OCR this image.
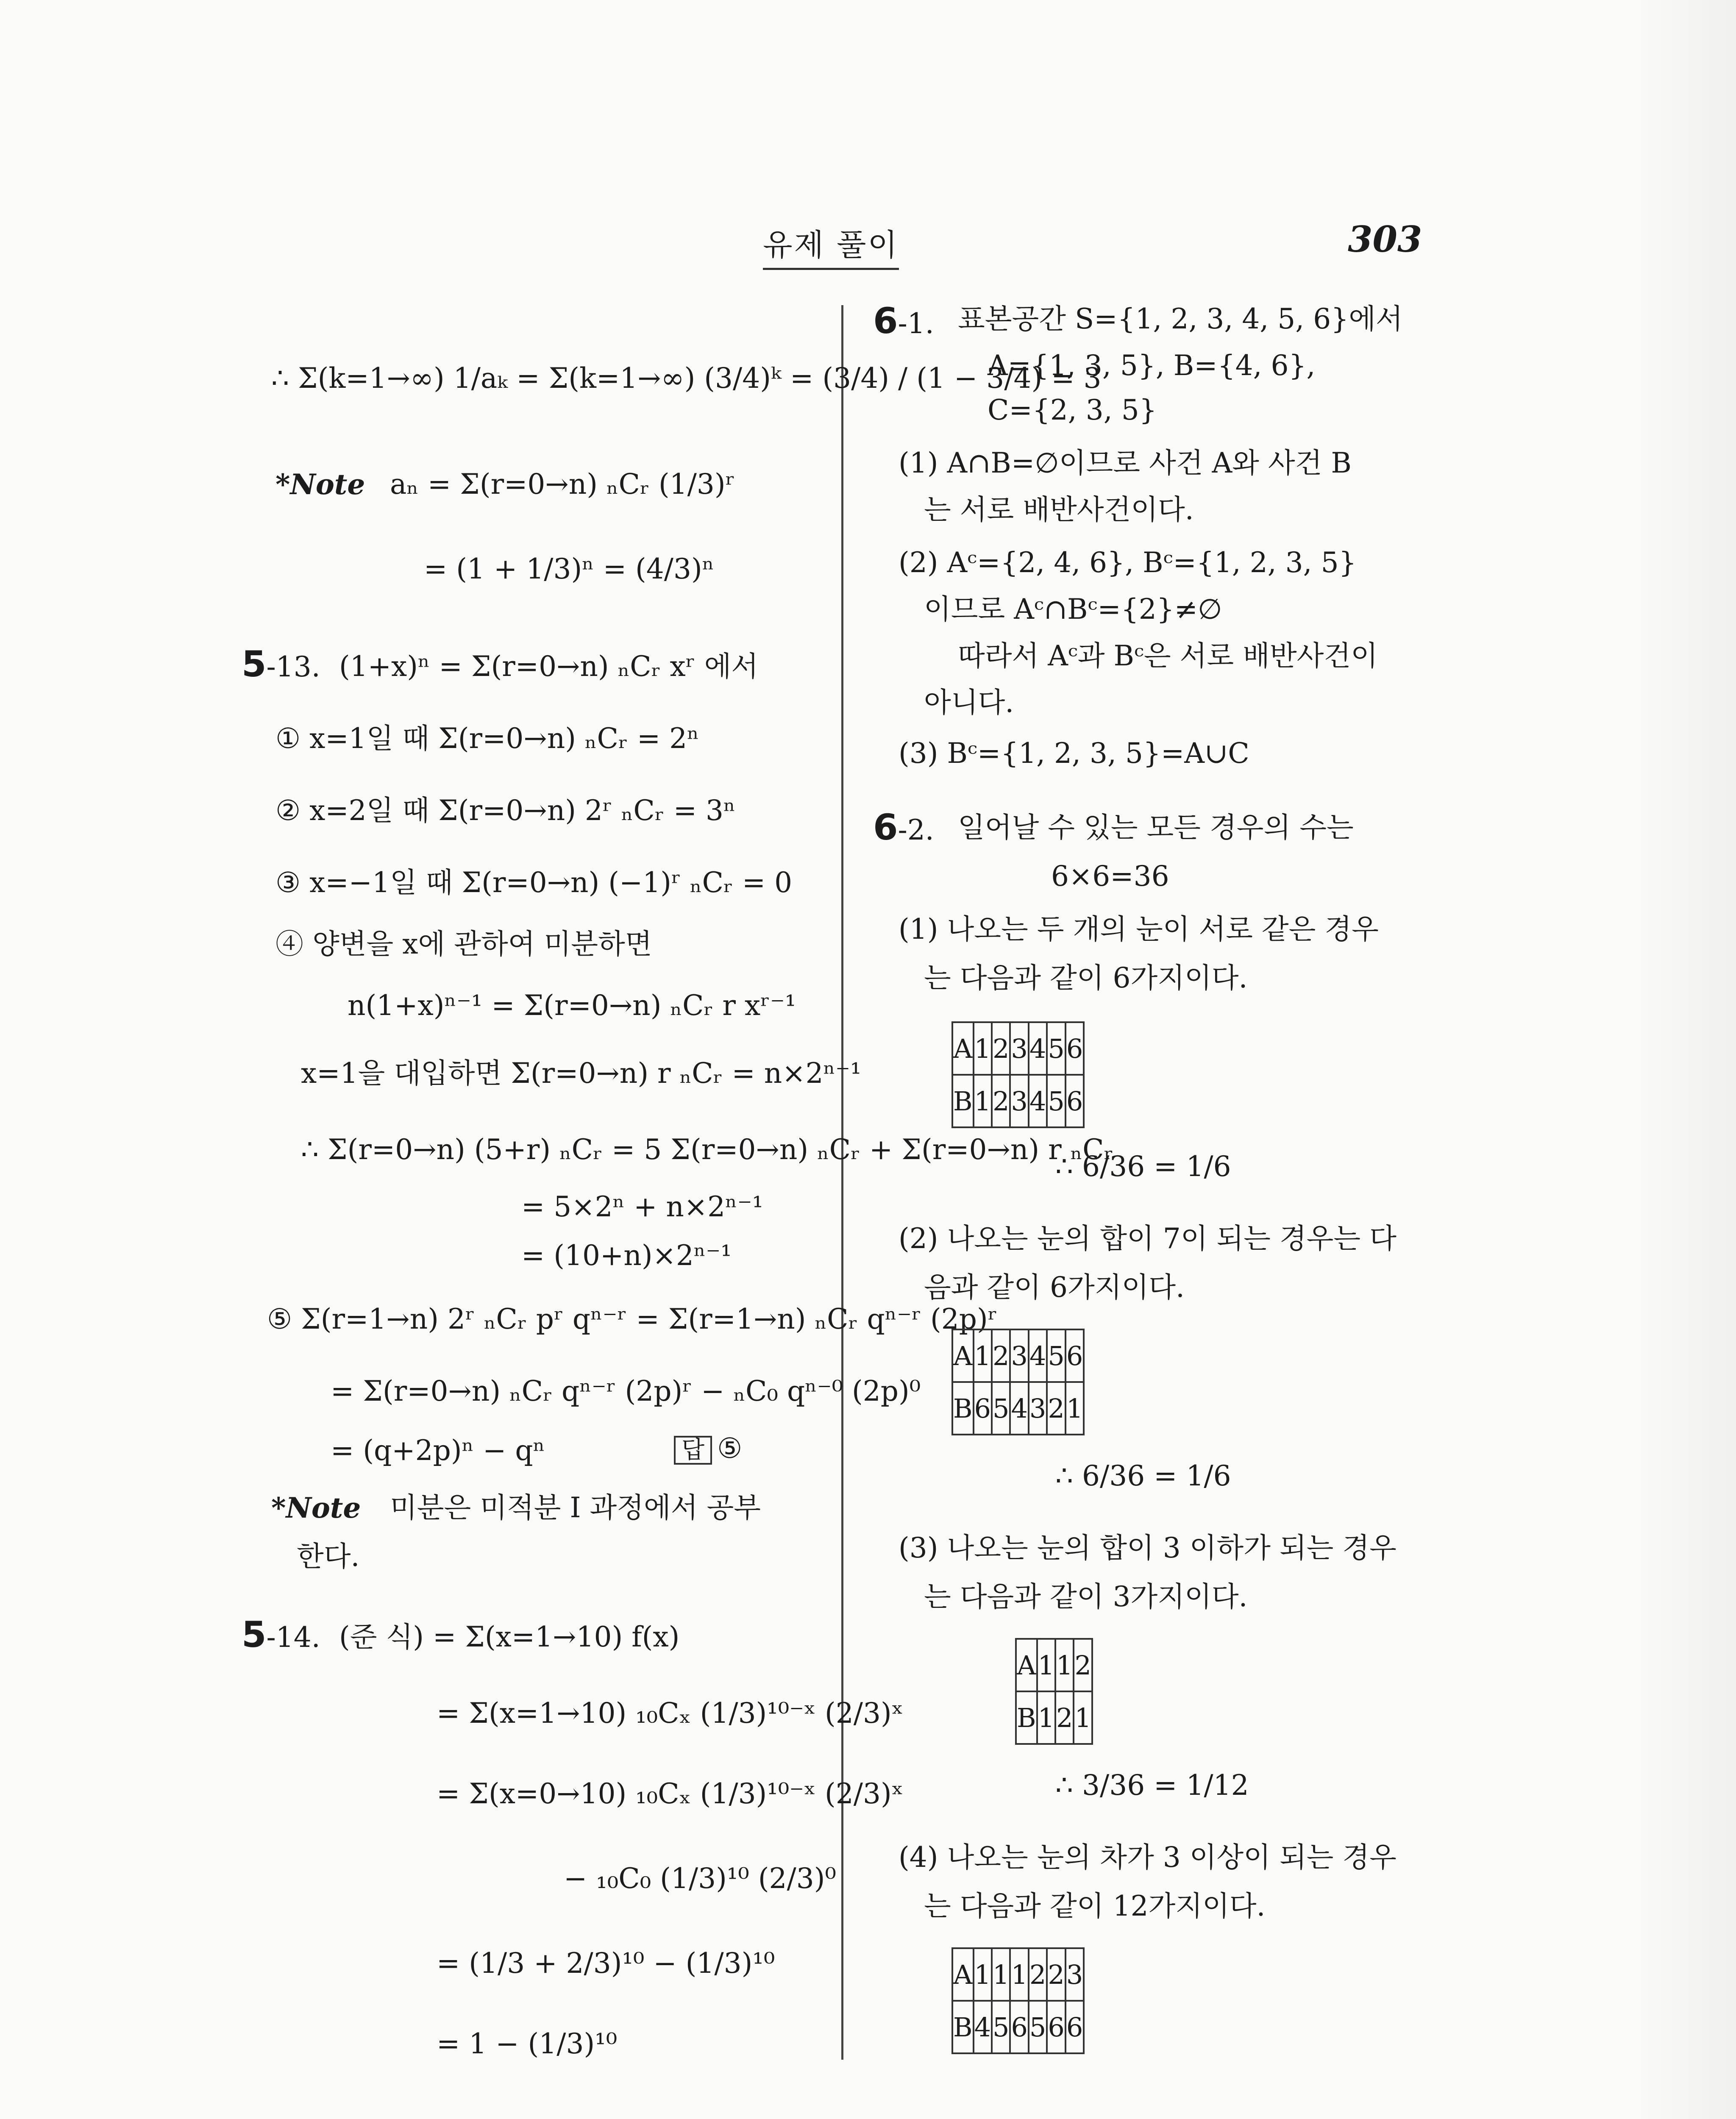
유제 풀이	303
∴ Σ(k=1→∞) 1/aₖ = Σ(k=1→∞) (3/4)ᵏ = (3/4) / (1 − 3/4) = 3
*Note aₙ = Σ(r=0→n) ₙCᵣ (1/3)ʳ
= (1 + 1/3)ⁿ = (4/3)ⁿ
5-13. (1+x)ⁿ = Σ(r=0→n) ₙCᵣ xʳ 에서
① x=1일 때 Σ(r=0→n) ₙCᵣ = 2ⁿ
② x=2일 때 Σ(r=0→n) 2ʳ ₙCᵣ = 3ⁿ
③ x=−1일 때 Σ(r=0→n) (−1)ʳ ₙCᵣ = 0
④ 양변을 x에 관하여 미분하면
n(1+x)ⁿ⁻¹ = Σ(r=0→n) ₙCᵣ r xʳ⁻¹
x=1을 대입하면 Σ(r=0→n) r ₙCᵣ = n×2ⁿ⁻¹
∴ Σ(r=0→n) (5+r) ₙCᵣ = 5 Σ(r=0→n) ₙCᵣ + Σ(r=0→n) r ₙCᵣ
= 5×2ⁿ + n×2ⁿ⁻¹
= (10+n)×2ⁿ⁻¹
⑤ Σ(r=1→n) 2ʳ ₙCᵣ pʳ qⁿ⁻ʳ = Σ(r=1→n) ₙCᵣ qⁿ⁻ʳ (2p)ʳ
= Σ(r=0→n) ₙCᵣ qⁿ⁻ʳ (2p)ʳ − ₙC₀ qⁿ⁻⁰ (2p)⁰
= (q+2p)ⁿ − qⁿ	답 ⑤
*Note 미분은 미적분 Ⅰ 과정에서 공부
한다.
5-14. (준 식) = Σ(x=1→10) f(x)
= Σ(x=1→10) ₁₀Cₓ (1/3)¹⁰⁻ˣ (2/3)ˣ
= Σ(x=0→10) ₁₀Cₓ (1/3)¹⁰⁻ˣ (2/3)ˣ
− ₁₀C₀ (1/3)¹⁰ (2/3)⁰
= (1/3 + 2/3)¹⁰ − (1/3)¹⁰
= 1 − (1/3)¹⁰
6-1. 표본공간 S={1, 2, 3, 4, 5, 6}에서
A={1, 3, 5}, B={4, 6},
C={2, 3, 5}
(1) A∩B=∅이므로 사건 A와 사건 B
는 서로 배반사건이다.
(2) Aᶜ={2, 4, 6}, Bᶜ={1, 2, 3, 5}
이므로 Aᶜ∩Bᶜ={2}≠∅
따라서 Aᶜ과 Bᶜ은 서로 배반사건이
아니다.
(3) Bᶜ={1, 2, 3, 5}=A∪C
6-2. 일어날 수 있는 모든 경우의 수는
6×6=36
(1) 나오는 두 개의 눈이 서로 같은 경우
는 다음과 같이 6가지이다.
A	1	2	3	4	5	6
B	1	2	3	4	5	6
∴ 6/36 = 1/6
(2) 나오는 눈의 합이 7이 되는 경우는 다
음과 같이 6가지이다.
A	1	2	3	4	5	6
B	6	5	4	3	2	1
∴ 6/36 = 1/6
(3) 나오는 눈의 합이 3 이하가 되는 경우
는 다음과 같이 3가지이다.
A	1	1	2
B	1	2	1
∴ 3/36 = 1/12
(4) 나오는 눈의 차가 3 이상이 되는 경우
는 다음과 같이 12가지이다.
A	1	1	1	2	2	3
B	4	5	6	5	6	6
